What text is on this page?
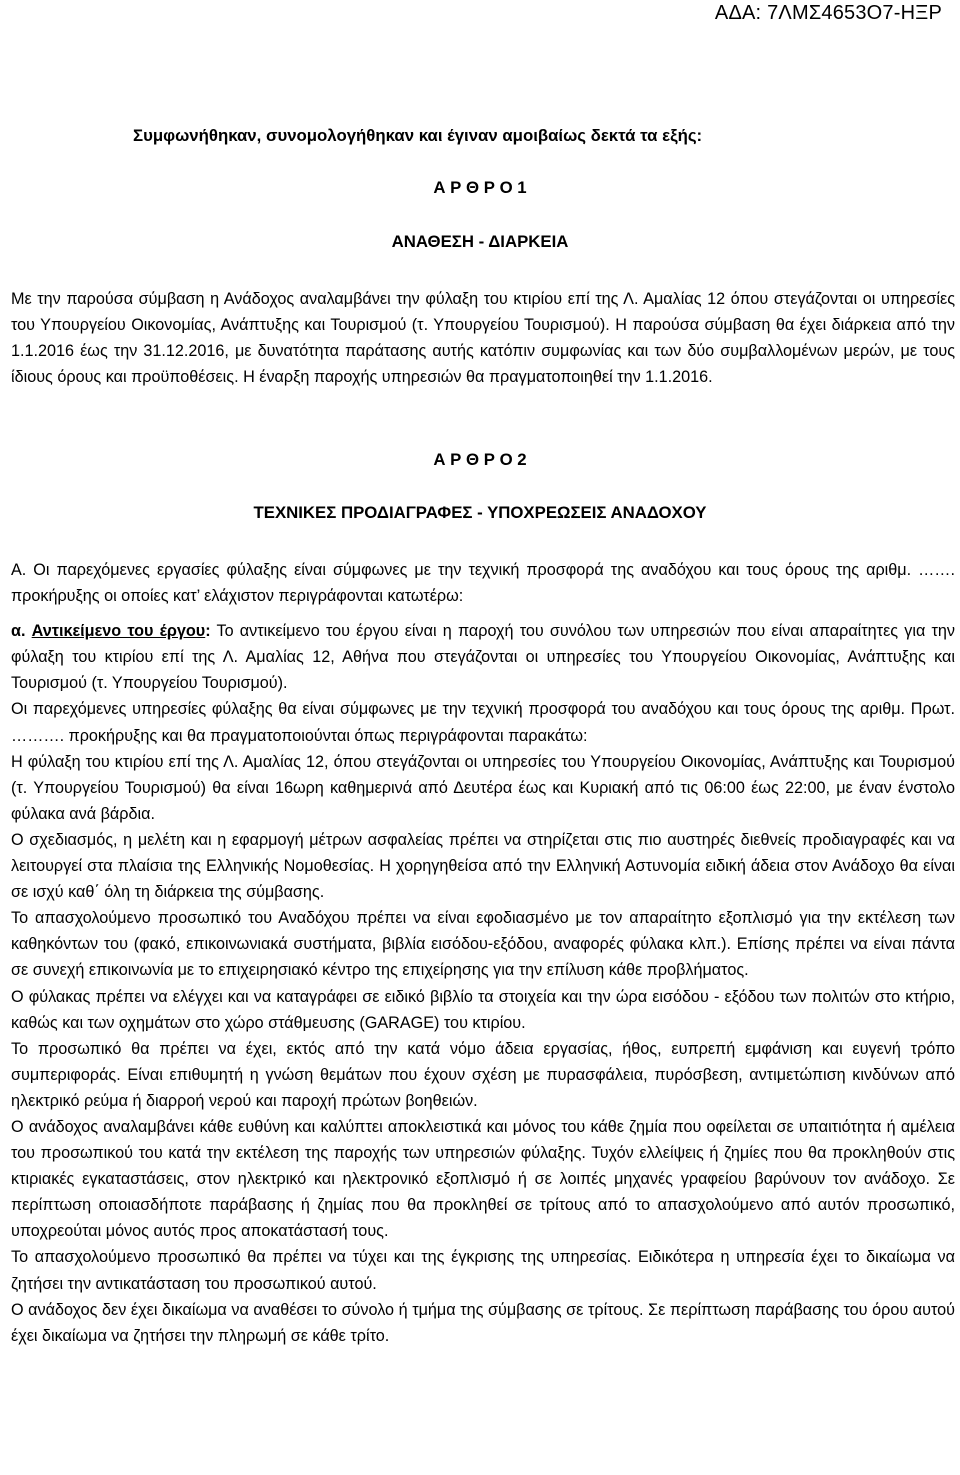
ΑΔΑ: 7ΛΜΣ4653Ο7-ΗΞΡ
Συμφωνήθηκαν, συνομολογήθηκαν και έγιναν αμοιβαίως δεκτά τα εξής:
Α Ρ Θ Ρ Ο 1
ΑΝΑΘΕΣΗ - ΔΙΑΡΚΕΙΑ

Με την παρούσα σύμβαση η Ανάδοχος αναλαμβάνει την φύλαξη του κτιρίου επί της Λ. Αμαλίας 12 όπου στεγάζονται οι υπηρεσίες του Υπουργείου Οικονομίας, Ανάπτυξης και Τουρισμού (τ. Υπουργείου Τουρισμού). Η παρούσα σύμβαση θα έχει διάρκεια από την 1.1.2016 έως την 31.12.2016, με δυνατότητα παράτασης αυτής κατόπιν συμφωνίας και των δύο συμβαλλομένων μερών, με τους ίδιους όρους και προϋποθέσεις. Η έναρξη παροχής υπηρεσιών θα πραγματοποιηθεί την 1.1.2016.

Α Ρ Θ Ρ Ο 2
ΤΕΧΝΙΚΕΣ ΠΡΟΔΙΑΓΡΑΦΕΣ - ΥΠΟΧΡΕΩΣΕΙΣ ΑΝΑΔΟΧΟΥ

Α. Οι παρεχόμενες εργασίες φύλαξης είναι σύμφωνες με την τεχνική προσφορά της αναδόχου και τους όρους της αριθμ. ……. προκήρυξης οι οποίες κατ’ ελάχιστον περιγράφονται κατωτέρω:

α. Αντικείμενο του έργου: Το αντικείμενο του έργου είναι η παροχή του συνόλου των υπηρεσιών που είναι απαραίτητες για την φύλαξη του κτιρίου επί της Λ. Αμαλίας 12, Αθήνα που στεγάζονται οι υπηρεσίες του Υπουργείου Οικονομίας, Ανάπτυξης και Τουρισμού (τ. Υπουργείου Τουρισμού).

Οι παρεχόμενες υπηρεσίες φύλαξης θα είναι σύμφωνες με την τεχνική προσφορά του αναδόχου και τους όρους της αριθμ. Πρωτ. ………. προκήρυξης και θα πραγματοποιούνται όπως περιγράφονται παρακάτω:

Η φύλαξη του κτιρίου επί της Λ. Αμαλίας 12, όπου στεγάζονται οι υπηρεσίες του Υπουργείου Οικονομίας, Ανάπτυξης και Τουρισμού (τ. Υπουργείου Τουρισμού) θα είναι 16ωρη καθημερινά από Δευτέρα έως και Κυριακή από τις 06:00 έως 22:00, με έναν ένστολο φύλακα ανά βάρδια.

Ο σχεδιασμός, η μελέτη και η εφαρμογή μέτρων ασφαλείας πρέπει να στηρίζεται στις πιο αυστηρές διεθνείς προδιαγραφές και να λειτουργεί στα πλαίσια της Ελληνικής Νομοθεσίας. Η χορηγηθείσα από την Ελληνική Αστυνομία ειδική άδεια στον Ανάδοχο θα είναι σε ισχύ καθ΄ όλη τη διάρκεια της σύμβασης.

Το απασχολούμενο προσωπικό του Αναδόχου πρέπει να είναι εφοδιασμένο με τον απαραίτητο εξοπλισμό για την εκτέλεση των καθηκόντων του (φακό, επικοινωνιακά συστήματα, βιβλία εισόδου-εξόδου, αναφορές φύλακα κλπ.). Επίσης πρέπει να είναι πάντα σε συνεχή επικοινωνία με το επιχειρησιακό κέντρο της επιχείρησης για την επίλυση κάθε προβλήματος.

Ο φύλακας πρέπει να ελέγχει και να καταγράφει σε ειδικό βιβλίο τα στοιχεία και την ώρα εισόδου - εξόδου των πολιτών στο κτήριο, καθώς και των οχημάτων στο χώρο στάθμευσης (GARAGE) του κτιρίου.

Το προσωπικό θα πρέπει να έχει, εκτός από την κατά νόμο άδεια εργασίας, ήθος, ευπρεπή εμφάνιση και ευγενή τρόπο συμπεριφοράς. Είναι επιθυμητή η γνώση θεμάτων που έχουν σχέση με πυρασφάλεια, πυρόσβεση, αντιμετώπιση κινδύνων από ηλεκτρικό ρεύμα ή διαρροή νερού και παροχή πρώτων βοηθειών.

Ο ανάδοχος αναλαμβάνει κάθε ευθύνη και καλύπτει αποκλειστικά και μόνος του κάθε ζημία που οφείλεται σε υπαιτιότητα ή αμέλεια του προσωπικού του κατά την εκτέλεση της παροχής των υπηρεσιών φύλαξης. Τυχόν ελλείψεις ή ζημίες που θα προκληθούν στις κτιριακές εγκαταστάσεις, στον ηλεκτρικό και ηλεκτρονικό εξοπλισμό ή σε λοιπές μηχανές γραφείου βαρύνουν τον ανάδοχο. Σε περίπτωση οποιασδήποτε παράβασης ή ζημίας που θα προκληθεί σε τρίτους από το απασχολούμενο από αυτόν προσωπικό, υποχρεούται μόνος αυτός προς αποκατάστασή τους.

Το απασχολούμενο προσωπικό θα πρέπει να τύχει και της έγκρισης της υπηρεσίας. Ειδικότερα η υπηρεσία έχει το δικαίωμα να ζητήσει την αντικατάσταση του προσωπικού αυτού.

Ο ανάδοχος δεν έχει δικαίωμα να αναθέσει το σύνολο ή τμήμα της σύμβασης σε τρίτους. Σε περίπτωση παράβασης του όρου αυτού έχει δικαίωμα να ζητήσει την πληρωμή σε κάθε τρίτο.
